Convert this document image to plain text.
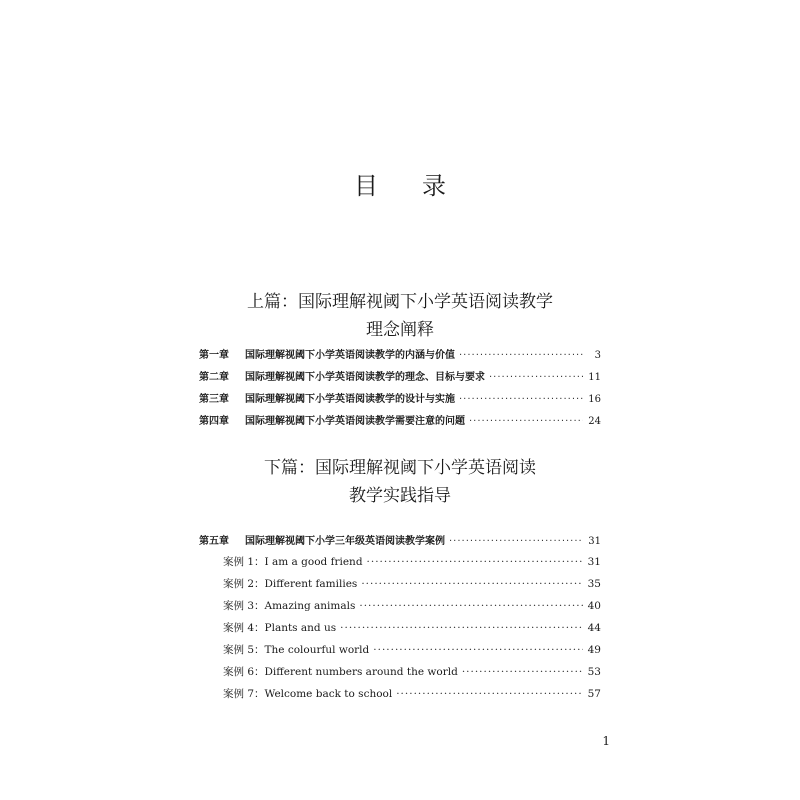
目录
上篇：国际理解视阈下小学英语阅读教学
理念阐释
第一章	国际理解视阈下小学英语阅读教学的内涵与价值 ·····	3
第二章	国际理解视阈下小学英语阅读教学的理念、目标与要求 ·····	11
第三章	国际理解视阈下小学英语阅读教学的设计与实施 ·····	16
第四章	国际理解视阈下小学英语阅读教学需要注意的问题 ·····	24
下篇：国际理解视阈下小学英语阅读
教学实践指导
第五章	国际理解视阈下小学三年级英语阅读教学案例 ·····	31
案例 1：I am a good friend ·····	31
案例 2：Different families ·····	35
案例 3：Amazing animals ·····	40
案例 4：Plants and us ·····	44
案例 5：The colourful world ·····	49
案例 6：Different numbers around the world ·····	53
案例 7：Welcome back to school ·····	57
1
